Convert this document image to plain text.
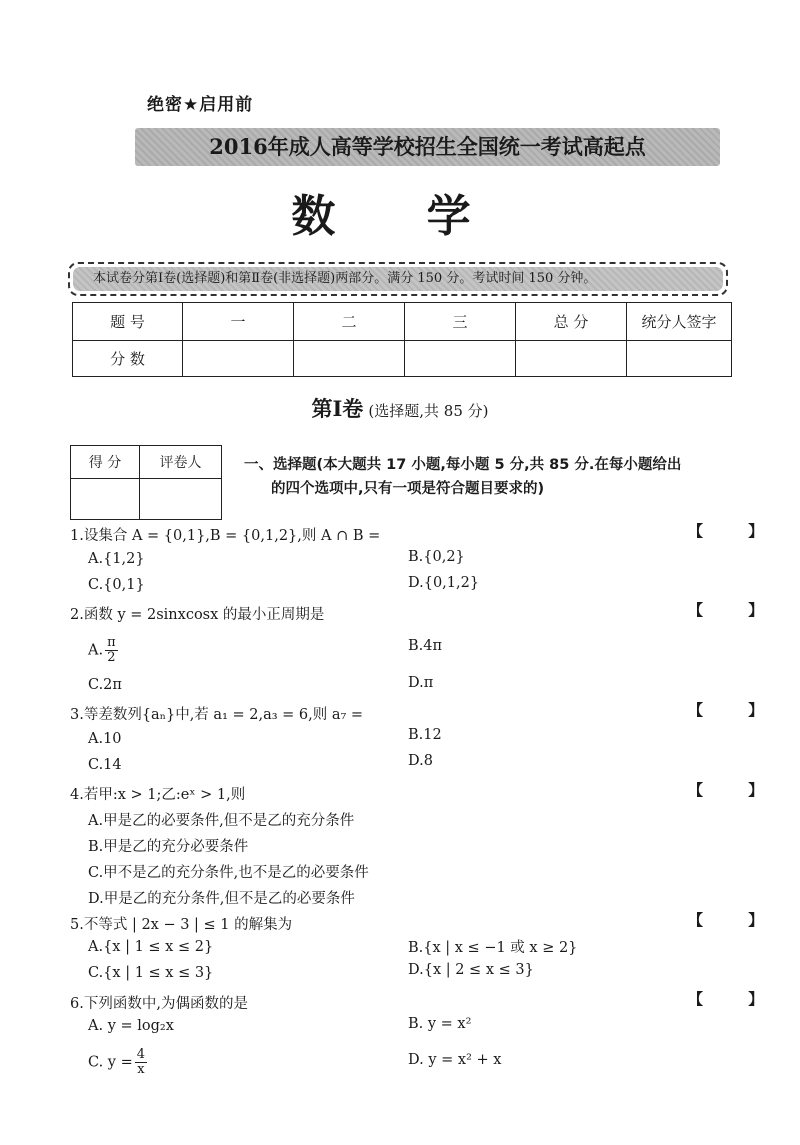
绝密★启用前
2016年成人高等学校招生全国统一考试高起点
数 学
本试卷分第Ⅰ卷(选择题)和第Ⅱ卷(非选择题)两部分。满分 150 分。考试时间 150 分钟。
题 号	一	二	三	总 分	统分人签字
分 数					
第Ⅰ卷 (选择题,共 85 分)
得 分	评卷人
		一、选择题(本大题共 17 小题,每小题 5 分,共 85 分.在每小题给出
的四个选项中,只有一项是符合题目要求的)
1.设集合 A = {0,1},B = {0,1,2},则 A ∩ B =	【 】
A.{1,2}	B.{0,2}
C.{0,1}	D.{0,1,2}
2.函数 y = 2sinxcosx 的最小正周期是	【 】
A. $\frac{\pi}{2}$	B.4π
C.2π	D.π
3.等差数列{aₙ}中,若 a₁ = 2,a₃ = 6,则 a₇ =	【 】
A.10	B.12
C.14	D.8
4.若甲:x > 1;乙:eˣ > 1,则	【 】
A.甲是乙的必要条件,但不是乙的充分条件
B.甲是乙的充分必要条件
C.甲不是乙的充分条件,也不是乙的必要条件
D.甲是乙的充分条件,但不是乙的必要条件
5.不等式 | 2x − 3 | ≤ 1 的解集为	【 】
A.{x | 1 ≤ x ≤ 2}	B.{x | x ≤ −1 或 x ≥ 2}
C.{x | 1 ≤ x ≤ 3}	D.{x | 2 ≤ x ≤ 3}
6.下列函数中,为偶函数的是	【 】
A. y = log₂x	B. y = x²
C. $y = \frac{4}{x}$	D. y = x² + x
